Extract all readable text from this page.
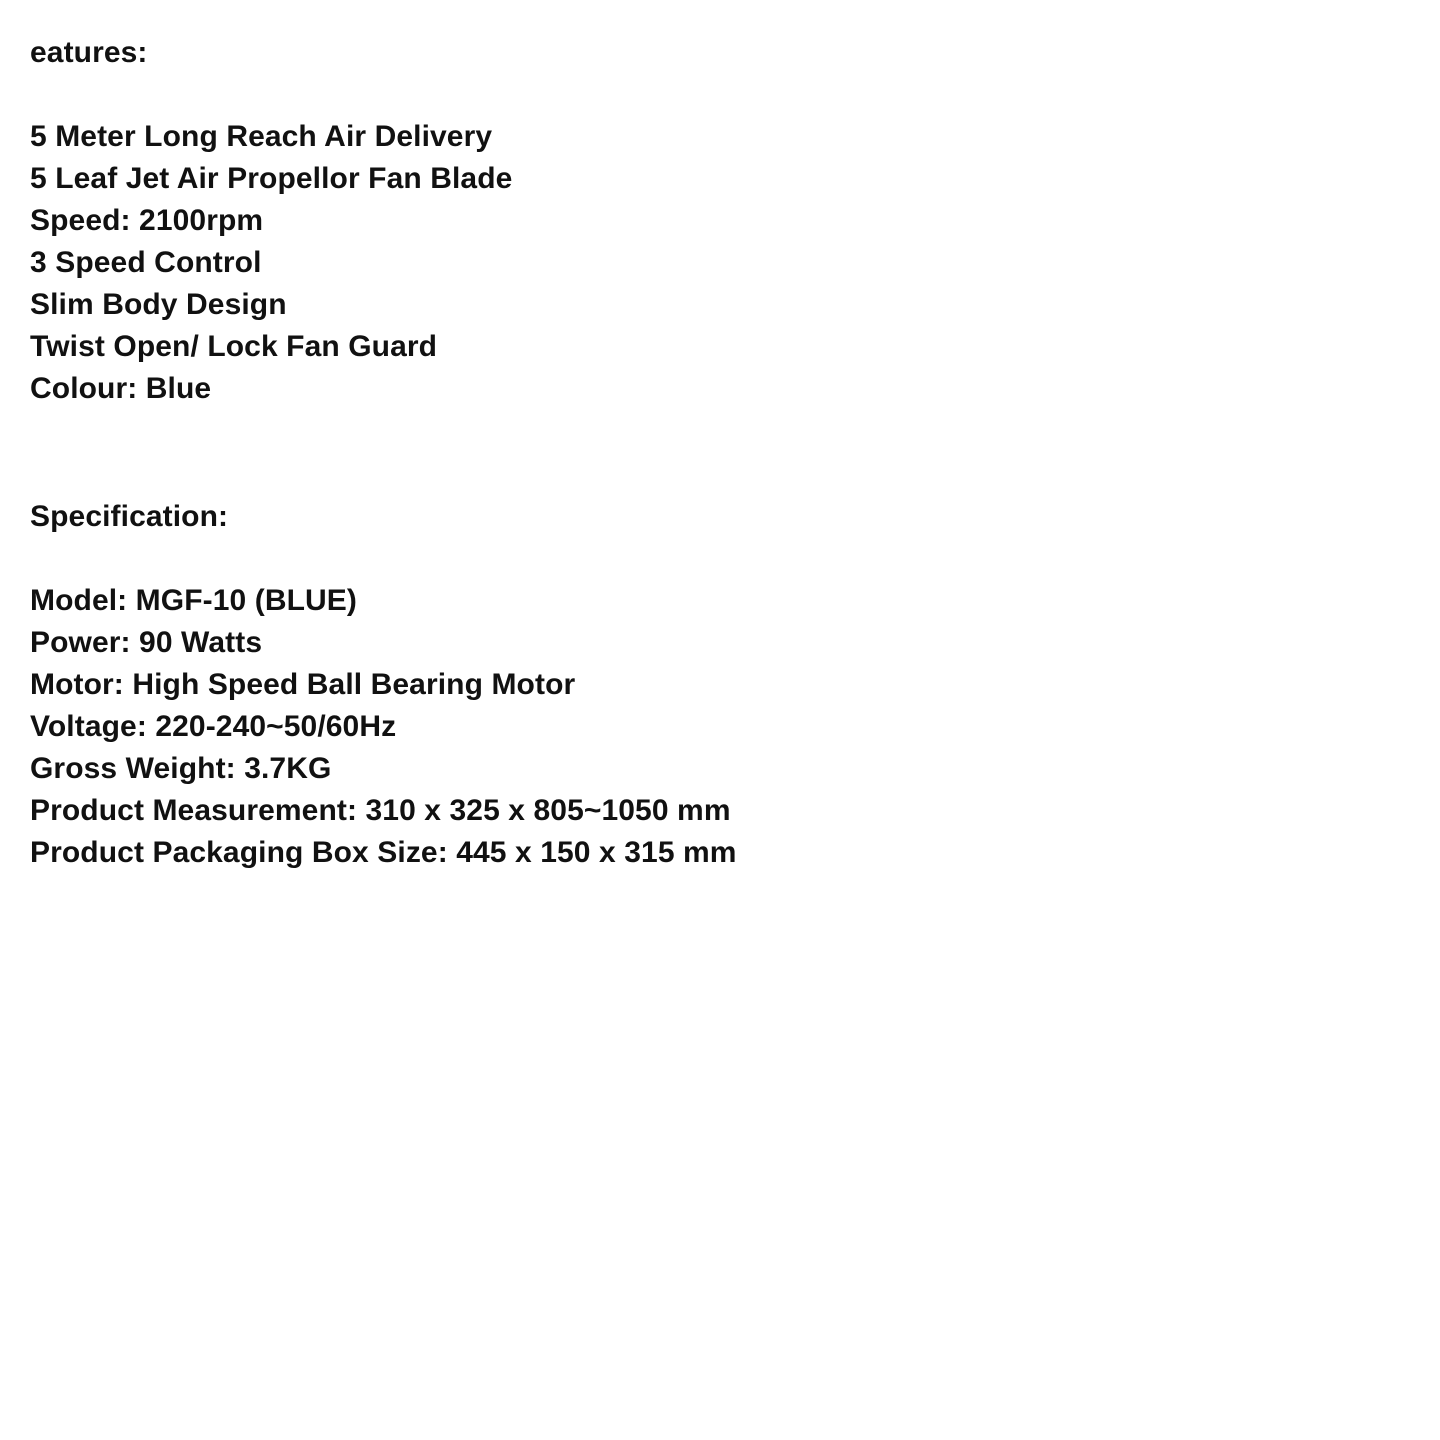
eatures:
5 Meter Long Reach Air Delivery
5 Leaf Jet Air Propellor Fan Blade
Speed: 2100rpm
3 Speed Control
Slim Body Design
Twist Open/ Lock Fan Guard
Colour: Blue
Specification:
Model: MGF-10 (BLUE)
Power: 90 Watts
Motor: High Speed Ball Bearing Motor
Voltage: 220-240~50/60Hz
Gross Weight: 3.7KG
Product Measurement: 310 x 325 x 805~1050 mm
Product Packaging Box Size: 445 x 150 x 315 mm
